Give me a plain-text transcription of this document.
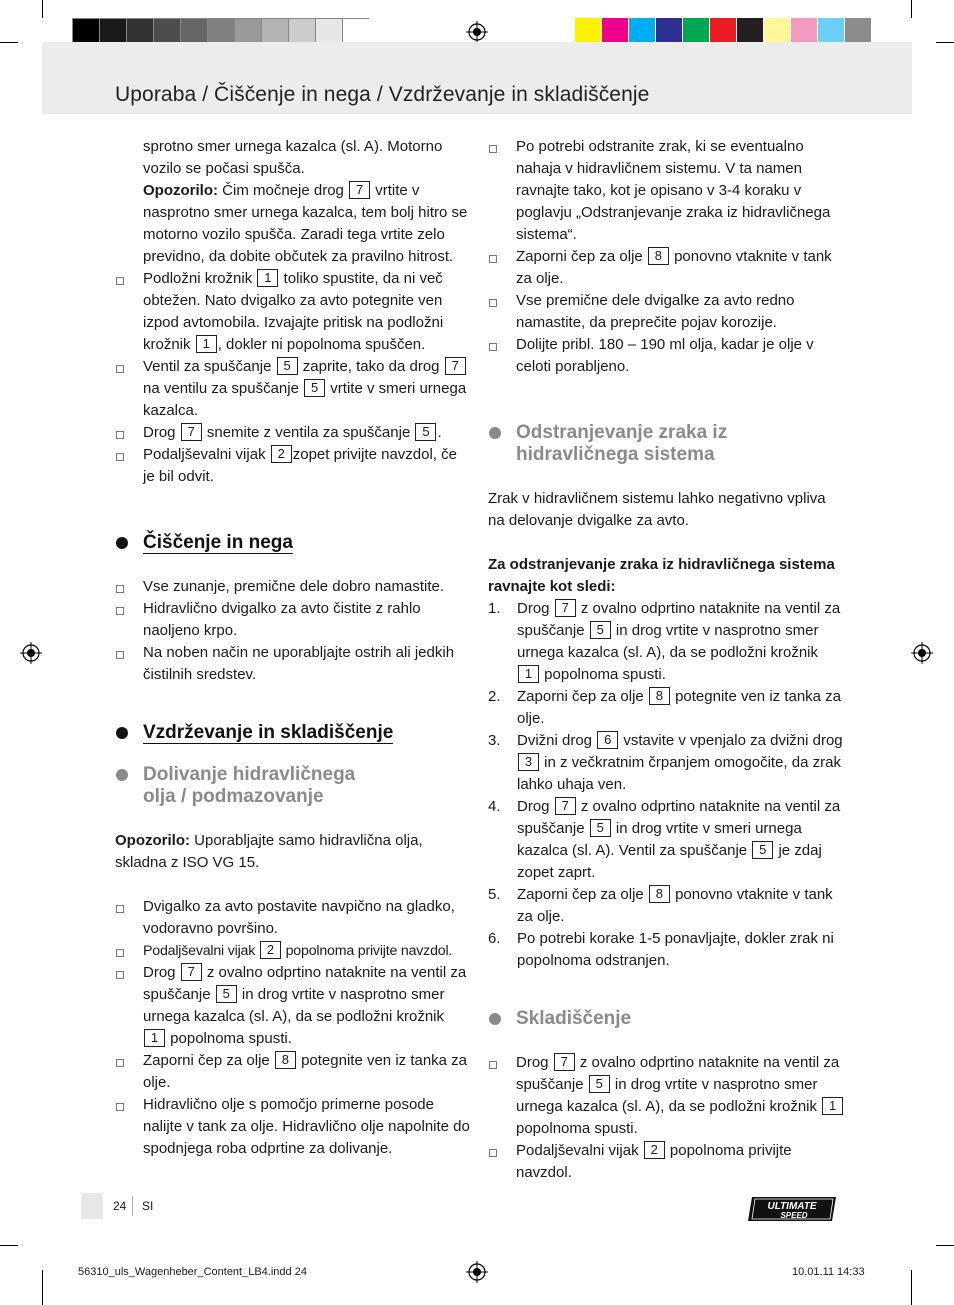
Uporaba / Čiščenje in nega / Vzdrževanje in skladiščenje

sprotno smer urnega kazalca (sl. A). Motorno
vozilo se počasi spušča.

Opozorilo: Čim močneje drog 7 vrtite v nasprotno smer urnega kazalca, tem bolj hitro se motorno vozilo spušča. Zaradi tega vrtite zelo previdno, da dobite občutek za pravilno hitrost.

Podložni krožnik 1 toliko spustite, da ni več obtežen. Nato dvigalko za avto potegnite ven izpod avtomobila. Izvajajte pritisk na podložni krožnik 1 , dokler ni popolnoma spuščen.
Ventil za spuščanje 5 zaprite, tako da drog 7 na ventilu za spuščanje 5 vrtite v smeri urnega kazalca.
Drog 7 snemite z ventila za spuščanje 5 .
Podaljševalni vijak 2 zopet privijte navzdol, če je bil odvit.
Čiščenje in nega
Vse zunanje, premične dele dobro namastite.
Hidravlično dvigalko za avto čistite z rahlo naoljeno krpo.
Na noben način ne uporabljajte ostrih ali jedkih čistilnih sredstev.
Vzdrževanje in skladiščenje
Dolivanje hidravličnega
olja / podmazovanje

Opozorilo: Uporabljajte samo hidravlična olja, skladna z ISO VG 15.

Dvigalko za avto postavite navpično na gladko, vodoravno površino.
Podaljševalni vijak 2 popolnoma privijte navzdol.
Drog 7 z ovalno odprtino nataknite na ventil za spuščanje 5 in drog vrtite v nasprotno smer urnega kazalca (sl. A), da se podložni krožnik 1 popolnoma spusti.
Zaporni čep za olje 8 potegnite ven iz tanka za olje.
Hidravlično olje s pomočjo primerne posode nalijte v tank za olje. Hidravlično olje napolnite do spodnjega roba odprtine za dolivanje.
Po potrebi odstranite zrak, ki se eventualno nahaja v hidravličnem sistemu. V ta namen ravnajte tako, kot je opisano v 3-4 koraku v poglavju „Odstranjevanje zraka iz hidravličnega sistema“.
Zaporni čep za olje 8 ponovno vtaknite v tank za olje.
Vse premične dele dvigalke za avto redno namastite, da preprečite pojav korozije.
Dolijte pribl. 180 – 190 ml olja, kadar je olje v celoti porabljeno.
Odstranjevanje zraka iz
hidravličnega sistema

Zrak v hidravličnem sistemu lahko negativno vpliva na delovanje dvigalke za avto.

Za odstranjevanje zraka iz hidravličnega sistema ravnajte kot sledi:

1. Drog 7 z ovalno odprtino nataknite na ventil za spuščanje 5 in drog vrtite v nasprotno smer urnega kazalca (sl. A), da se podložni krožnik 1 popolnoma spusti.
2. Zaporni čep za olje 8 potegnite ven iz tanka za olje.
3. Dvižni drog 6 vstavite v vpenjalo za dvižni drog 3 in z večkratnim črpanjem omogočite, da zrak lahko uhaja ven.
4. Drog 7 z ovalno odprtino nataknite na ventil za spuščanje 5 in drog vrtite v smeri urnega kazalca (sl. A). Ventil za spuščanje 5 je zdaj zopet zaprt.
5. Zaporni čep za olje 8 ponovno vtaknite v tank za olje.
6. Po potrebi korake 1-5 ponavljajte, dokler zrak ni popolnoma odstranjen.
Skladiščenje
Drog 7 z ovalno odprtino nataknite na ventil za spuščanje 5 in drog vrtite v nasprotno smer urnega kazalca (sl. A), da se podložni krožnik 1 popolnoma spusti.
Podaljševalni vijak 2 popolnoma privijte navzdol.
24 SI	ULTIMATE
SPEED
56310_uls_Wagenheber_Content_LB4.indd 24	10.01.11 14:33
